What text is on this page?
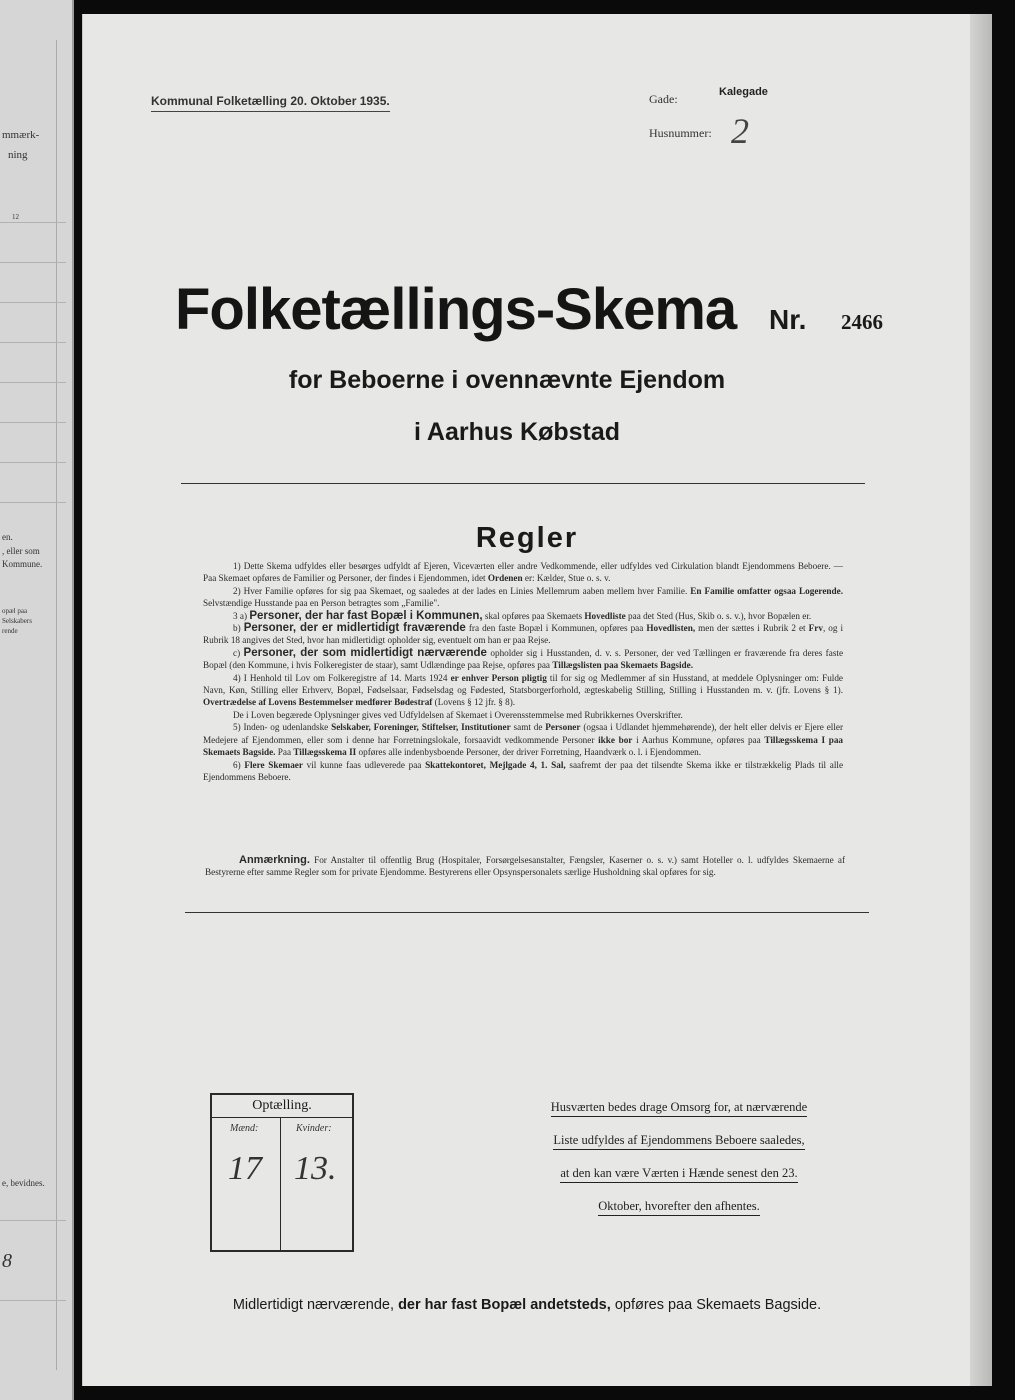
mmærk-
ning
12
en.
, eller som
Kommune.
opæl paa
Selskabers
rende
e, bevidnes.
8
Kommunal Folketælling 20. Oktober 1935.	Gade:	Kalegade
Husnummer: 2
Folketællings-Skema Nr. 2466
for Beboerne i ovennævnte Ejendom
i Aarhus Købstad
Regler

1) Dette Skema udfyldes eller besørges udfyldt af Ejeren, Viceværten eller andre Vedkommende, eller udfyldes ved Cirkulation blandt Ejendommens Beboere. — Paa Skemaet opføres de Familier og Personer, der findes i Ejendommen, idet Ordenen er: Kælder, Stue o. s. v.

2) Hver Familie opføres for sig paa Skemaet, og saaledes at der lades en Linies Mellemrum aaben mellem hver Familie. En Familie omfatter ogsaa Logerende. Selvstændige Husstande paa en Person betragtes som „Familie".

3 a) Personer, der har fast Bopæl i Kommunen, skal opføres paa Skemaets Hovedliste paa det Sted (Hus, Skib o. s. v.), hvor Bopælen er.

b) Personer, der er midlertidigt fraværende fra den faste Bopæl i Kommunen, opføres paa Hovedlisten, men der sættes i Rubrik 2 et Frv, og i Rubrik 18 angives det Sted, hvor han midlertidigt opholder sig, eventuelt om han er paa Rejse.

c) Personer, der som midlertidigt nærværende opholder sig i Husstanden, d. v. s. Personer, der ved Tællingen er fraværende fra deres faste Bopæl (den Kommune, i hvis Folkeregister de staar), samt Udlændinge paa Rejse, opføres paa Tillægslisten paa Skemaets Bagside.

4) I Henhold til Lov om Folkeregistre af 14. Marts 1924 er enhver Person pligtig til for sig og Medlemmer af sin Husstand, at meddele Oplysninger om: Fulde Navn, Køn, Stilling eller Erhverv, Bopæl, Fødselsaar, Fødselsdag og Fødested, Statsborgerforhold, ægteskabelig Stilling, Stilling i Husstanden m. v. (jfr. Lovens § 1). Overtrædelse af Lovens Bestemmelser medfører Bødestraf (Lovens § 12 jfr. § 8).

De i Loven begærede Oplysninger gives ved Udfyldelsen af Skemaet i Overensstemmelse med Rubrikkernes Overskrifter.

5) Inden- og udenlandske Selskaber, Foreninger, Stiftelser, Institutioner samt de Personer (ogsaa i Udlandet hjemmehørende), der helt eller delvis er Ejere eller Medejere af Ejendommen, eller som i denne har Forretningslokale, forsaavidt vedkommende Personer ikke bor i Aarhus Kommune, opføres paa Tillægsskema I paa Skemaets Bagside. Paa Tillægsskema II opføres alle indenbysboende Personer, der driver Forretning, Haandværk o. l. i Ejendommen.

6) Flere Skemaer vil kunne faas udleverede paa Skattekontoret, Mejlgade 4, 1. Sal, saafremt der paa det tilsendte Skema ikke er tilstrækkelig Plads til alle Ejendommens Beboere.

Anmærkning. For Anstalter til offentlig Brug (Hospitaler, Forsørgelsesanstalter, Fængsler, Kaserner o. s. v.) samt Hoteller o. l. udfyldes Skemaerne af Bestyrerne efter samme Regler som for private Ejendomme. Bestyrerens eller Opsynspersonalets særlige Husholdning skal opføres for sig.
Optælling.
Mænd:	Kvinder:
17 13.
Husværten bedes drage Omsorg for, at nærværende
Liste udfyldes af Ejendommens Beboere saaledes,
at den kan være Værten i Hænde senest den 23.
Oktober, hvorefter den afhentes.
Midlertidigt nærværende, der har fast Bopæl andetsteds, opføres paa Skemaets Bagside.
